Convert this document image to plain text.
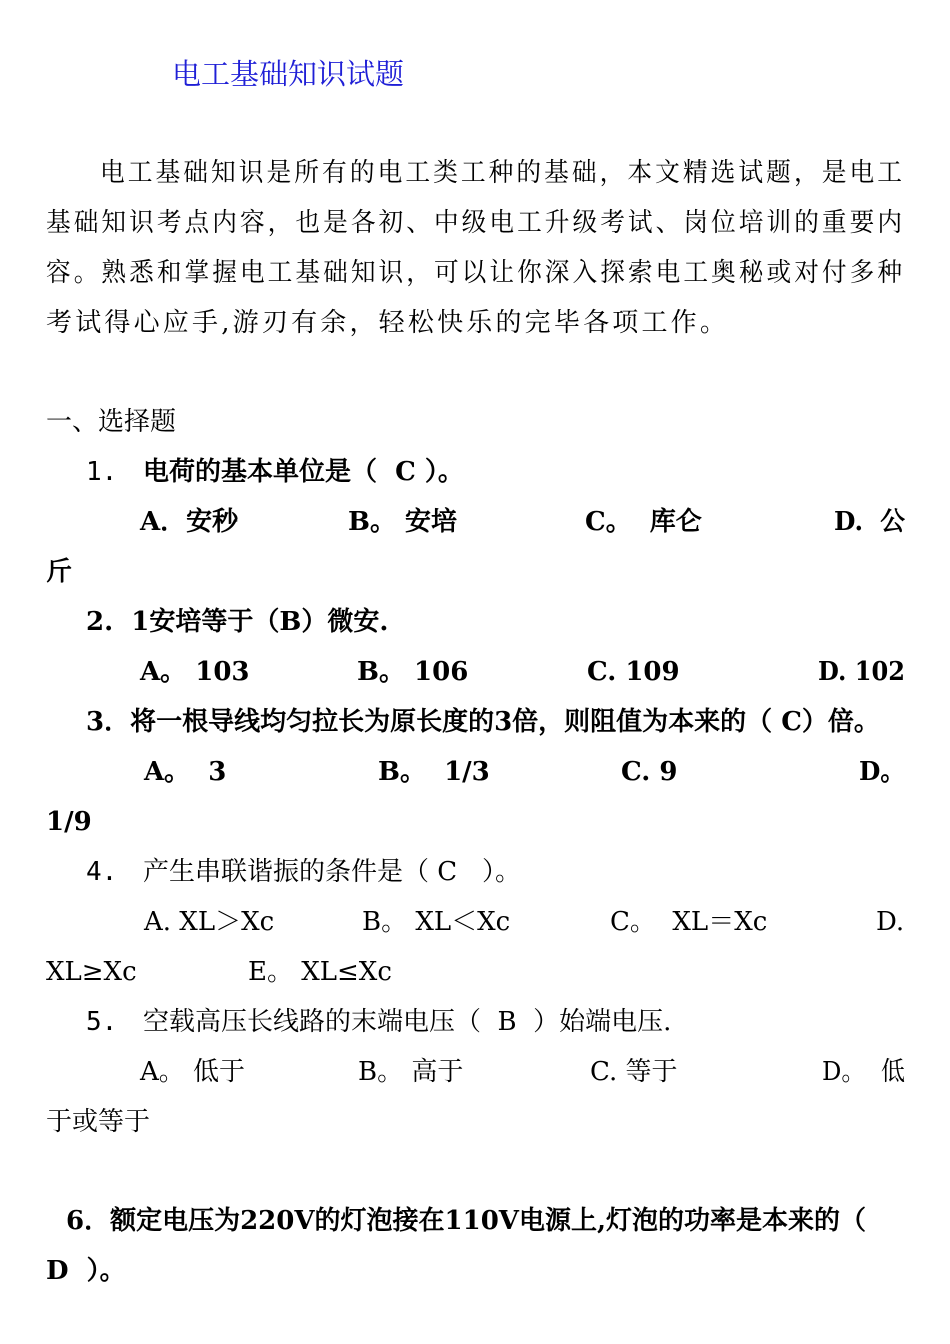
电工基础知识试题
电工基础知识是所有的电工类工种的基础，本文精选试题，是电工
基础知识考点内容，也是各初、中级电工升级考试、岗位培训的重要内
容。熟悉和掌握电工基础知识，可以让你深入探索电工奥秘或对付多种
考试得心应手,游刃有余，轻松快乐的完毕各项工作。
一、选择题
1. 电荷的基本单位是（  C ）。
A．安秒	B。 安培	C。  库仑	D.  公
斤
2.  1安培等于（B）微安.
A。 103	B。 106	C. 109	D. 102
3．将一根导线均匀拉长为原长度的3倍，则阻值为本来的（ C）倍。
A。  3	B。  1/3	C. 9	D。
1/9
4. 产生串联谐振的条件是（ C   ）。
A. XL＞Xc	B。 XL＜Xc	C。  XL＝Xc	D.
XL≥Xc	E。 XL≤Xc
5. 空载高压长线路的末端电压（  B  ）始端电压.
A。 低于	B。 高于	C. 等于	D。  低
于或等于
6．额定电压为220V的灯泡接在110V电源上,灯泡的功率是本来的（
D  ）。
